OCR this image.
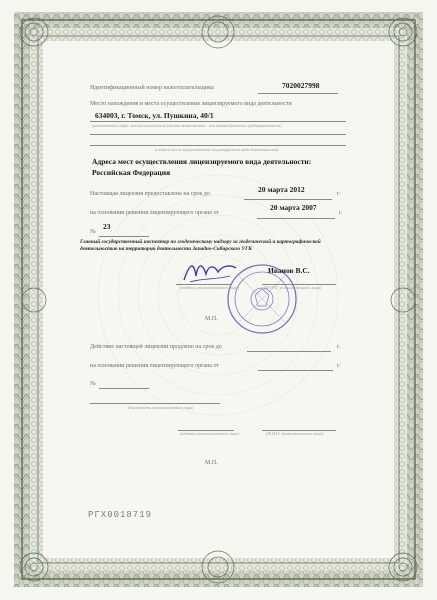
Идентификационный номер налогоплательщика	7020027998
Место нахождения и места осуществления лицензируемого вида деятельности
634003, г. Томск, ул. Пушкина, 40/1
(указываются адрес места нахождения (места жительства - для индивидуального предпринимателя)
и адреса мест осуществления лицензируемого вида деятельности)
Адреса мест осуществления лицензируемого вида деятельности:
Российская Федерация
Настоящая лицензия предоставлена на срок до	20 марта 2012	г.
на основании решения лицензирующего органа от
20 марта 2007
г.
№
23
Главный государственный инспектор по геодезическому надзору за геодезической и картографической деятельностью на территории деятельности Западно-Сибирского УГК
Иванов В.С.
(подпись уполномоченного лица)	(Ф.И.О. уполномоченного лица)
М.П.
Действие настоящей лицензии продлено на срок до	г.
на основании решения лицензирующего органа от	г.
№
(должность уполномоченного лица)
(подпись уполномоченного лица)	(Ф.И.О. уполномоченного лица)
М.П.
РГХ0018719
